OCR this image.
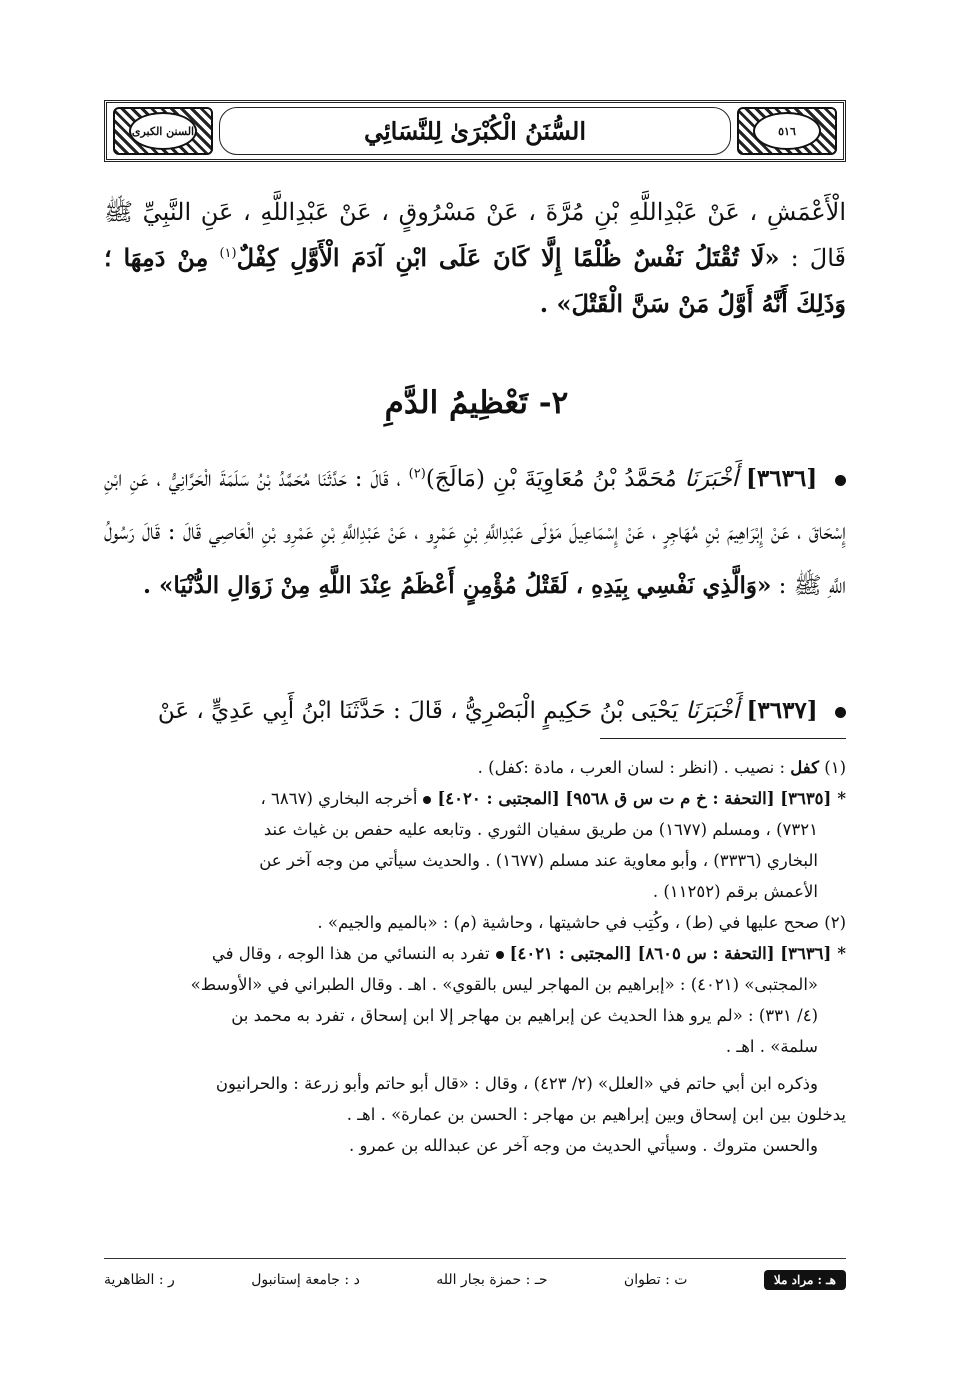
السنن الكبرى	السُّنَنُ الْكُبْرَىٰ لِلنَّسَائِي	٥١٦
الْأَعْمَشِ ، عَنْ عَبْدِاللَّهِ بْنِ مُرَّةَ ، عَنْ مَسْرُوقٍ ، عَنْ عَبْدِاللَّهِ ، عَنِ النَّبِيِّ ﷺ قَالَ : «لَا تُقْتَلُ نَفْسٌ ظُلْمًا إِلَّا كَانَ عَلَى ابْنِ آدَمَ الْأَوَّلِ كِفْلٌ$^{(١)}$ مِنْ دَمِهَا ؛ وَذَلِكَ أَنَّهُ أَوَّلُ مَنْ سَنَّ الْقَتْلَ» .
٢- تَعْظِيمُ الدَّمِ
[٣٦٣٦] أَخْبَرَنَا مُحَمَّدُ بْنُ مُعَاوِيَةَ بْنِ (مَالَجَ)$^{(٢)}$ ، قَالَ : حَدَّثَنَا مُحَمَّدُ بْنُ سَلَمَةَ الْحَرَّانِيُّ ، عَنِ ابْنِ إِسْحَاقَ ، عَنْ إِبْرَاهِيمَ بْنِ مُهَاجِرٍ ، عَنْ إِسْمَاعِيلَ مَوْلَى عَبْدِاللَّهِ بْنِ عَمْرٍو ، عَنْ عَبْدِاللَّهِ بْنِ عَمْرِو بْنِ الْعَاصِي قَالَ : قَالَ رَسُولُ اللَّهِ ﷺ : «وَالَّذِي نَفْسِي بِيَدِهِ ، لَقَتْلُ مُؤْمِنٍ أَعْظَمُ عِنْدَ اللَّهِ مِنْ زَوَالِ الدُّنْيَا» .
[٣٦٣٧] أَخْبَرَنَا يَحْيَى بْنُ حَكِيمٍ الْبَصْرِيُّ ، قَالَ : حَدَّثَنَا ابْنُ أَبِي عَدِيٍّ ، عَنْ
(١) كفل : نصيب . (انظر : لسان العرب ، مادة :كفل) .
*[٣٦٣٥] [التحفة : خ م ت س ق ٩٥٦٨] [المجتبى : ٤٠٢٠]أخرجه البخاري (٦٨٦٧ ،
٧٣٢١) ، ومسلم (١٦٧٧) من طريق سفيان الثوري . وتابعه عليه حفص بن غياث عند
البخاري (٣٣٣٦) ، وأبو معاوية عند مسلم (١٦٧٧) . والحديث سيأتي من وجه آخر عن
الأعمش برقم (١١٢٥٢) .
(٢) صحح عليها في (ط) ، وكُتِب في حاشيتها ، وحاشية (م) : «بالميم والجيم» .
*[٣٦٣٦] [التحفة : س ٨٦٠٥] [المجتبى : ٤٠٢١]تفرد به النسائي من هذا الوجه ، وقال في
«المجتبى» (٤٠٢١) : «إبراهيم بن المهاجر ليس بالقوي» . اهـ . وقال الطبراني في «الأوسط»
(٤/ ٣٣١) : «لم يرو هذا الحديث عن إبراهيم بن مهاجر إلا ابن إسحاق ، تفرد به محمد بن
سلمة» . اهـ .
وذكره ابن أبي حاتم في «العلل» (٢/ ٤٢٣) ، وقال : «قال أبو حاتم وأبو زرعة : والحرانيون
يدخلون بين ابن إسحاق وبين إبراهيم بن مهاجر : الحسن بن عمارة» . اهـ .
والحسن متروك . وسيأتي الحديث من وجه آخر عن عبدالله بن عمرو .
هـ : مراد ملا
ت : تطوان
حـ : حمزة بجار الله
د : جامعة إستانبول
ر : الظاهرية
